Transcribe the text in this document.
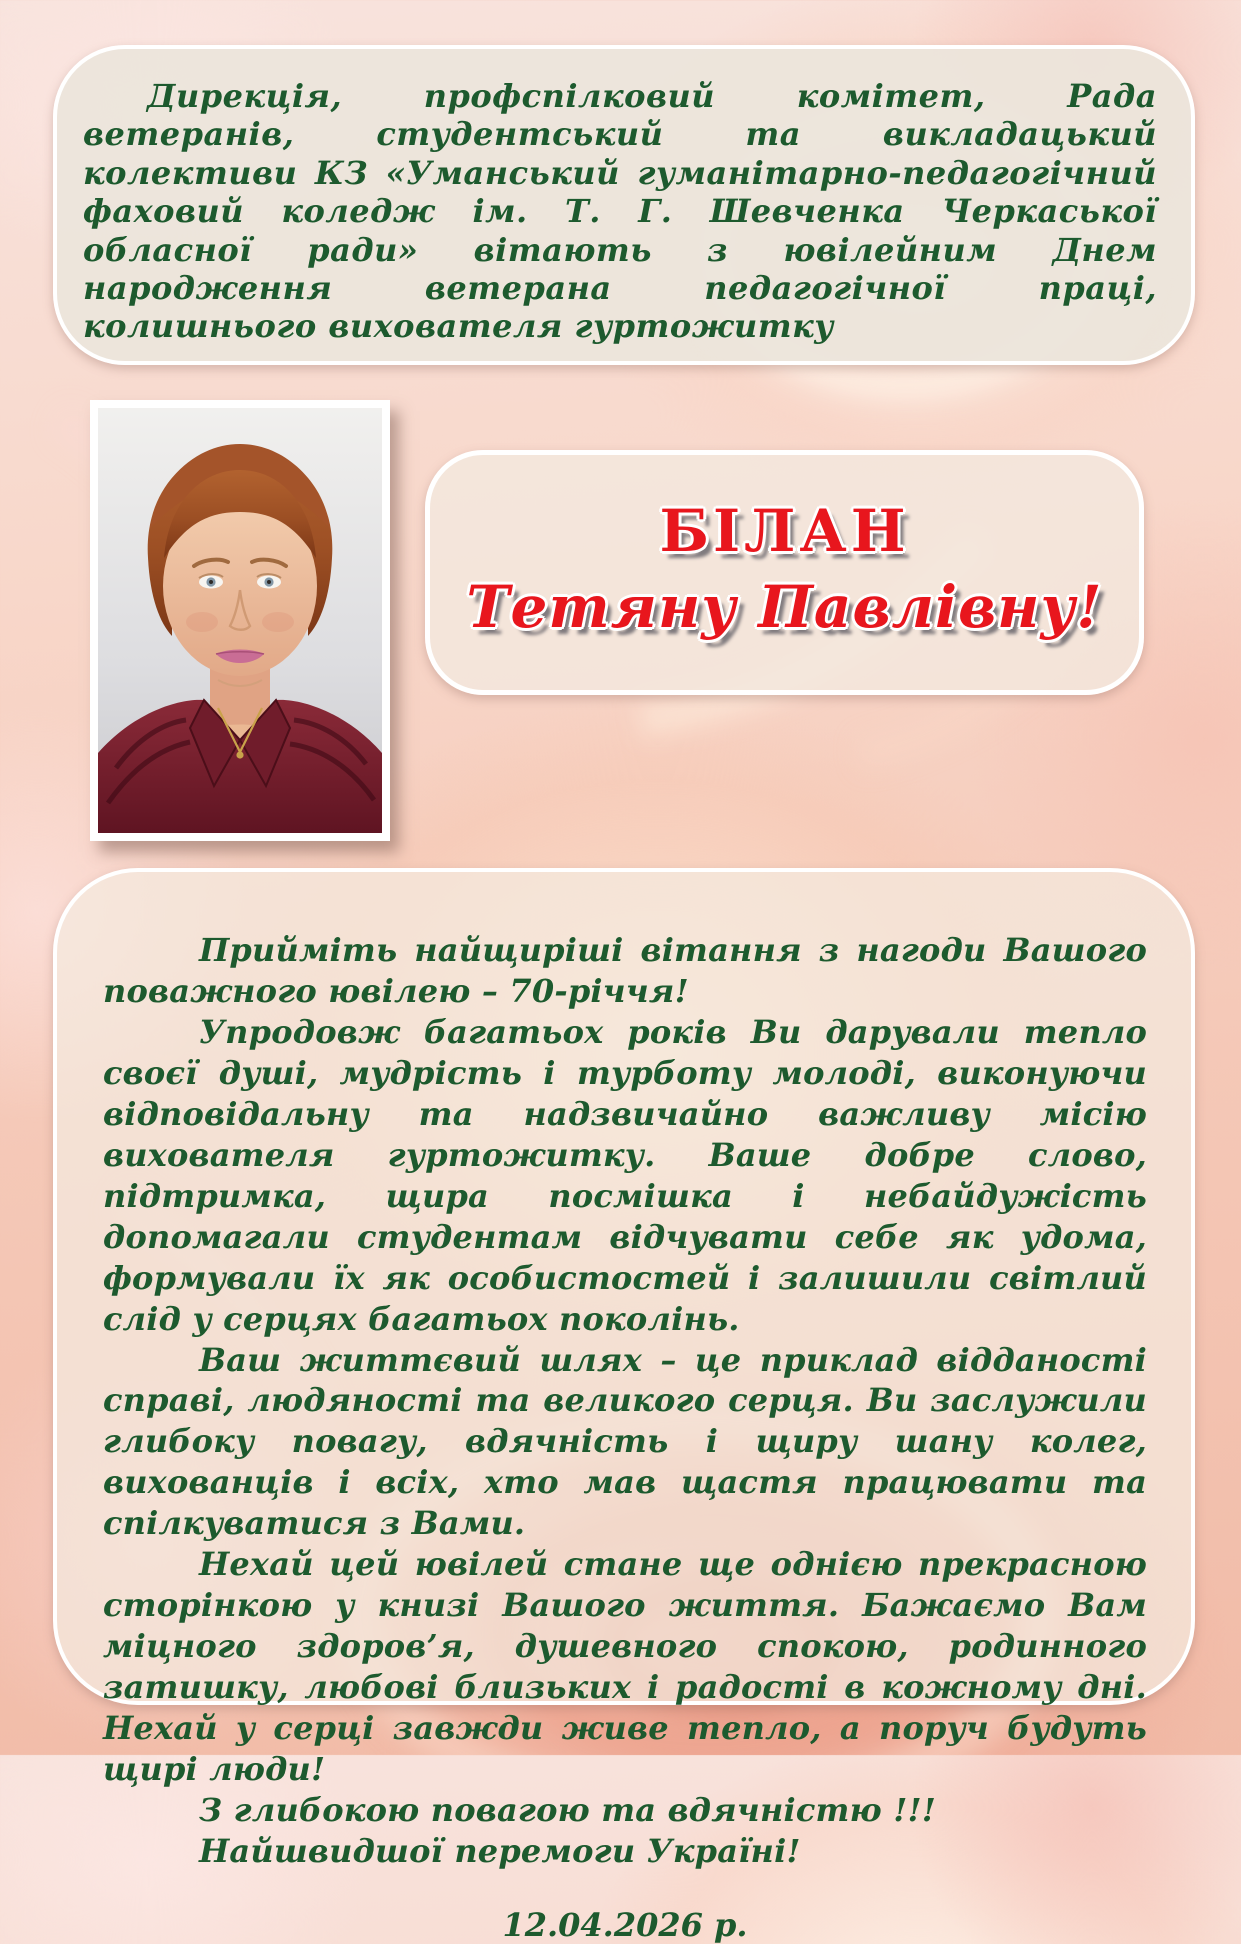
Дирекція, профспілковий комітет, Рада ветеранів, студентський та викладацький колективи КЗ «Уманський гуманітарно-педагогічний фаховий коледж ім. Т. Г. Шевченка Черкаської обласної ради» вітають з ювілейним Днем народження ветерана педагогічної праці, колишнього вихователя гуртожитку

БІЛАН
Тетяну Павлівну!

Прийміть найщиріші вітання з нагоди Вашого поважного ювілею – 70-річчя!

Упродовж багатьох років Ви дарували тепло своєї душі, мудрість і турботу молоді, виконуючи відповідальну та надзвичайно важливу місію вихователя гуртожитку. Ваше добре слово, підтримка, щира посмішка і небайдужість допомагали студентам відчувати себе як удома, формували їх як особистостей і залишили світлий слід у серцях багатьох поколінь.

Ваш життєвий шлях – це приклад відданості справі, людяності та великого серця. Ви заслужили глибоку повагу, вдячність і щиру шану колег, вихованців і всіх, хто мав щастя працювати та спілкуватися з Вами.

Нехай цей ювілей стане ще однією прекрасною сторінкою у книзі Вашого життя. Бажаємо Вам міцного здоров’я, душевного спокою, родинного затишку, любові близьких і радості в кожному дні. Нехай у серці завжди живе тепло, а поруч будуть щирі люди!

З глибокою повагою та вдячністю !!!

Найшвидшої перемоги Україні!

12.04.2026 р.
